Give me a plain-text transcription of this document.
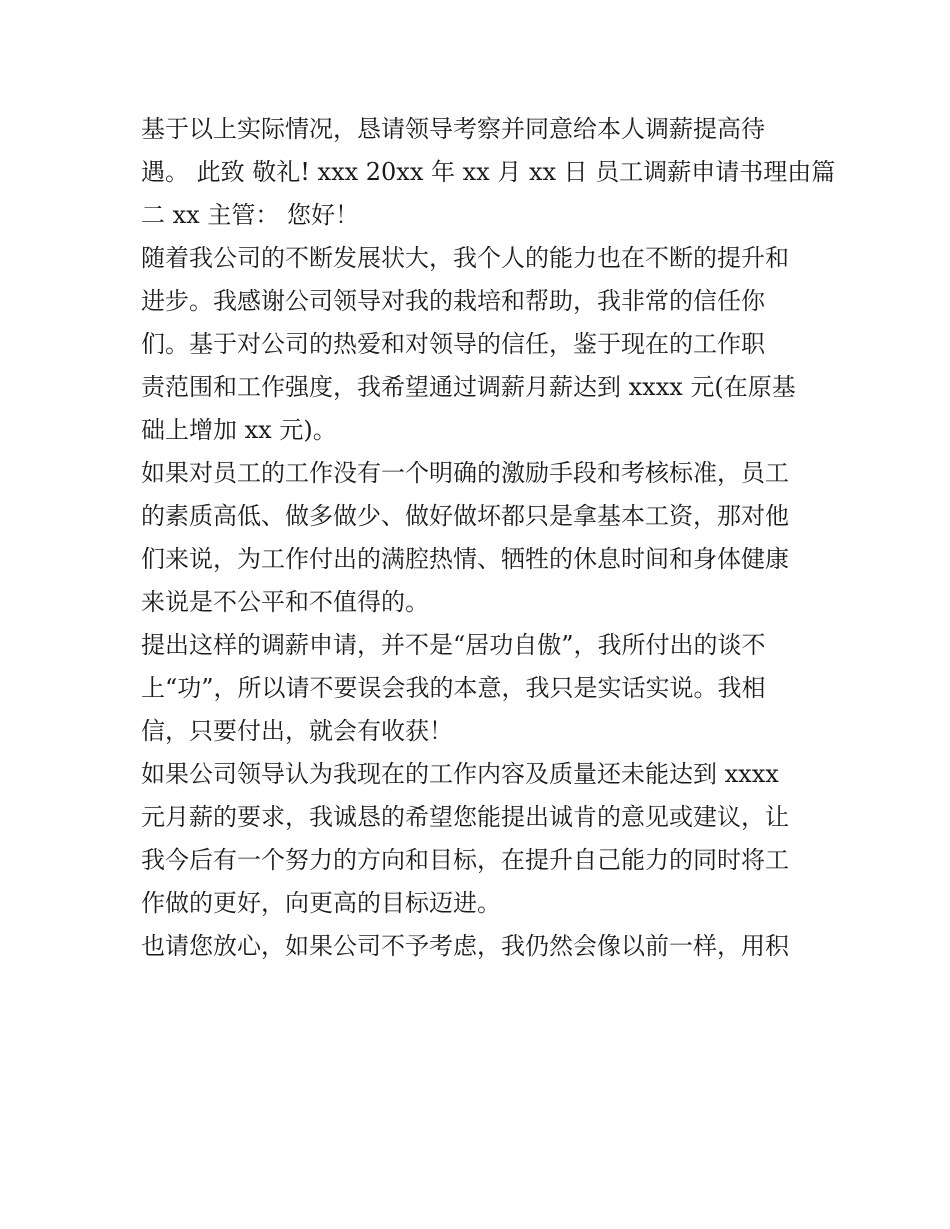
基于以上实际情况，恳请领导考察并同意给本人调薪提高待
遇。 此致 敬礼! xxx 20xx 年 xx 月 xx 日 员工调薪申请书理由篇
二 xx 主管： 您好！
随着我公司的不断发展状大，我个人的能力也在不断的提升和
进步。我感谢公司领导对我的栽培和帮助，我非常的信任你
们。基于对公司的热爱和对领导的信任，鉴于现在的工作职
责范围和工作强度，我希望通过调薪月薪达到 xxxx 元(在原基
础上增加 xx 元)。
如果对员工的工作没有一个明确的激励手段和考核标准，员工
的素质高低、做多做少、做好做坏都只是拿基本工资，那对他
们来说，为工作付出的满腔热情、牺牲的休息时间和身体健康
来说是不公平和不值得的。
提出这样的调薪申请，并不是“居功自傲”，我所付出的谈不
上“功”，所以请不要误会我的本意，我只是实话实说。我相
信，只要付出，就会有收获！
如果公司领导认为我现在的工作内容及质量还未能达到 xxxx
元月薪的要求，我诚恳的希望您能提出诚肯的意见或建议，让
我今后有一个努力的方向和目标，在提升自己能力的同时将工
作做的更好，向更高的目标迈进。
也请您放心，如果公司不予考虑，我仍然会像以前一样，用积
